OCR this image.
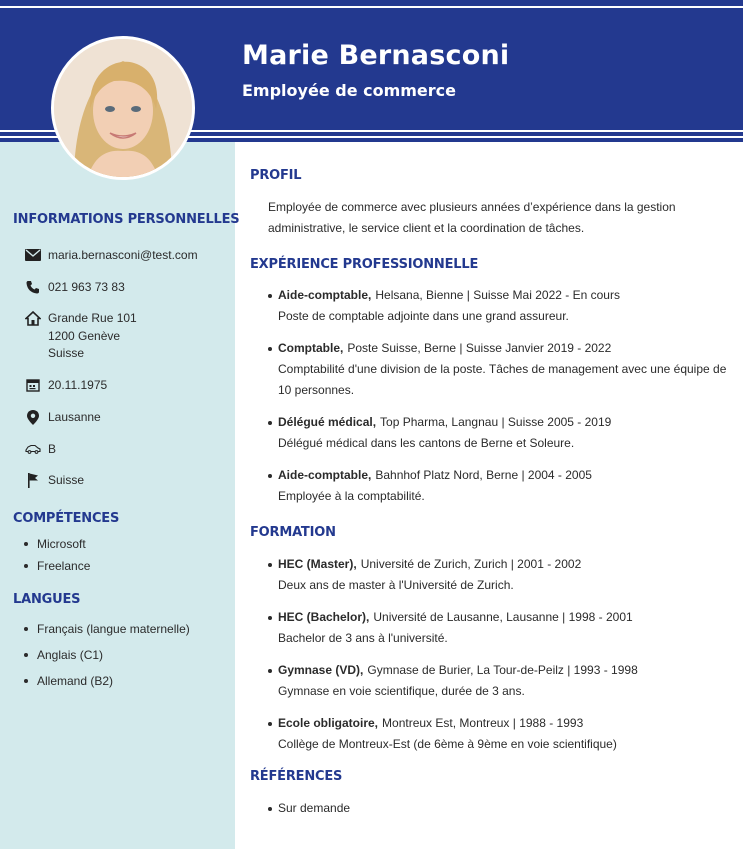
Marie Bernasconi
Employée de commerce
INFORMATIONS PERSONNELLES
maria.bernasconi@test.com
021 963 73 83
Grande Rue 101
1200 Genève
Suisse
20.11.1975
Lausanne
B
Suisse
COMPÉTENCES
Microsoft
Freelance
LANGUES
Français (langue maternelle)
Anglais (C1)
Allemand (B2)
PROFIL
Employée de commerce avec plusieurs années d’expérience dans la gestion administrative, le service client et la coordination de tâches.
EXPÉRIENCE PROFESSIONNELLE
Aide-comptable, Helsana, Bienne | Suisse Mai 2022 - En cours
Poste de comptable adjointe dans une grand assureur.
Comptable, Poste Suisse, Berne | Suisse Janvier 2019 - 2022
Comptabilité d'une division de la poste. Tâches de management avec une équipe de 10 personnes.
Délégué médical, Top Pharma, Langnau | Suisse 2005 - 2019
Délégué médical dans les cantons de Berne et Soleure.
Aide-comptable, Bahnhof Platz Nord, Berne | 2004 - 2005
Employée à la comptabilité.
FORMATION
HEC (Master), Université de Zurich, Zurich | 2001 - 2002
Deux ans de master à l'Université de Zurich.
HEC (Bachelor), Université de Lausanne, Lausanne | 1998 - 2001
Bachelor de 3 ans à l'université.
Gymnase (VD), Gymnase de Burier, La Tour-de-Peilz | 1993 - 1998
Gymnase en voie scientifique, durée de 3 ans.
Ecole obligatoire, Montreux Est, Montreux | 1988 - 1993
Collège de Montreux-Est (de 6ème à 9ème en voie scientifique)
RÉFÉRENCES
Sur demande
